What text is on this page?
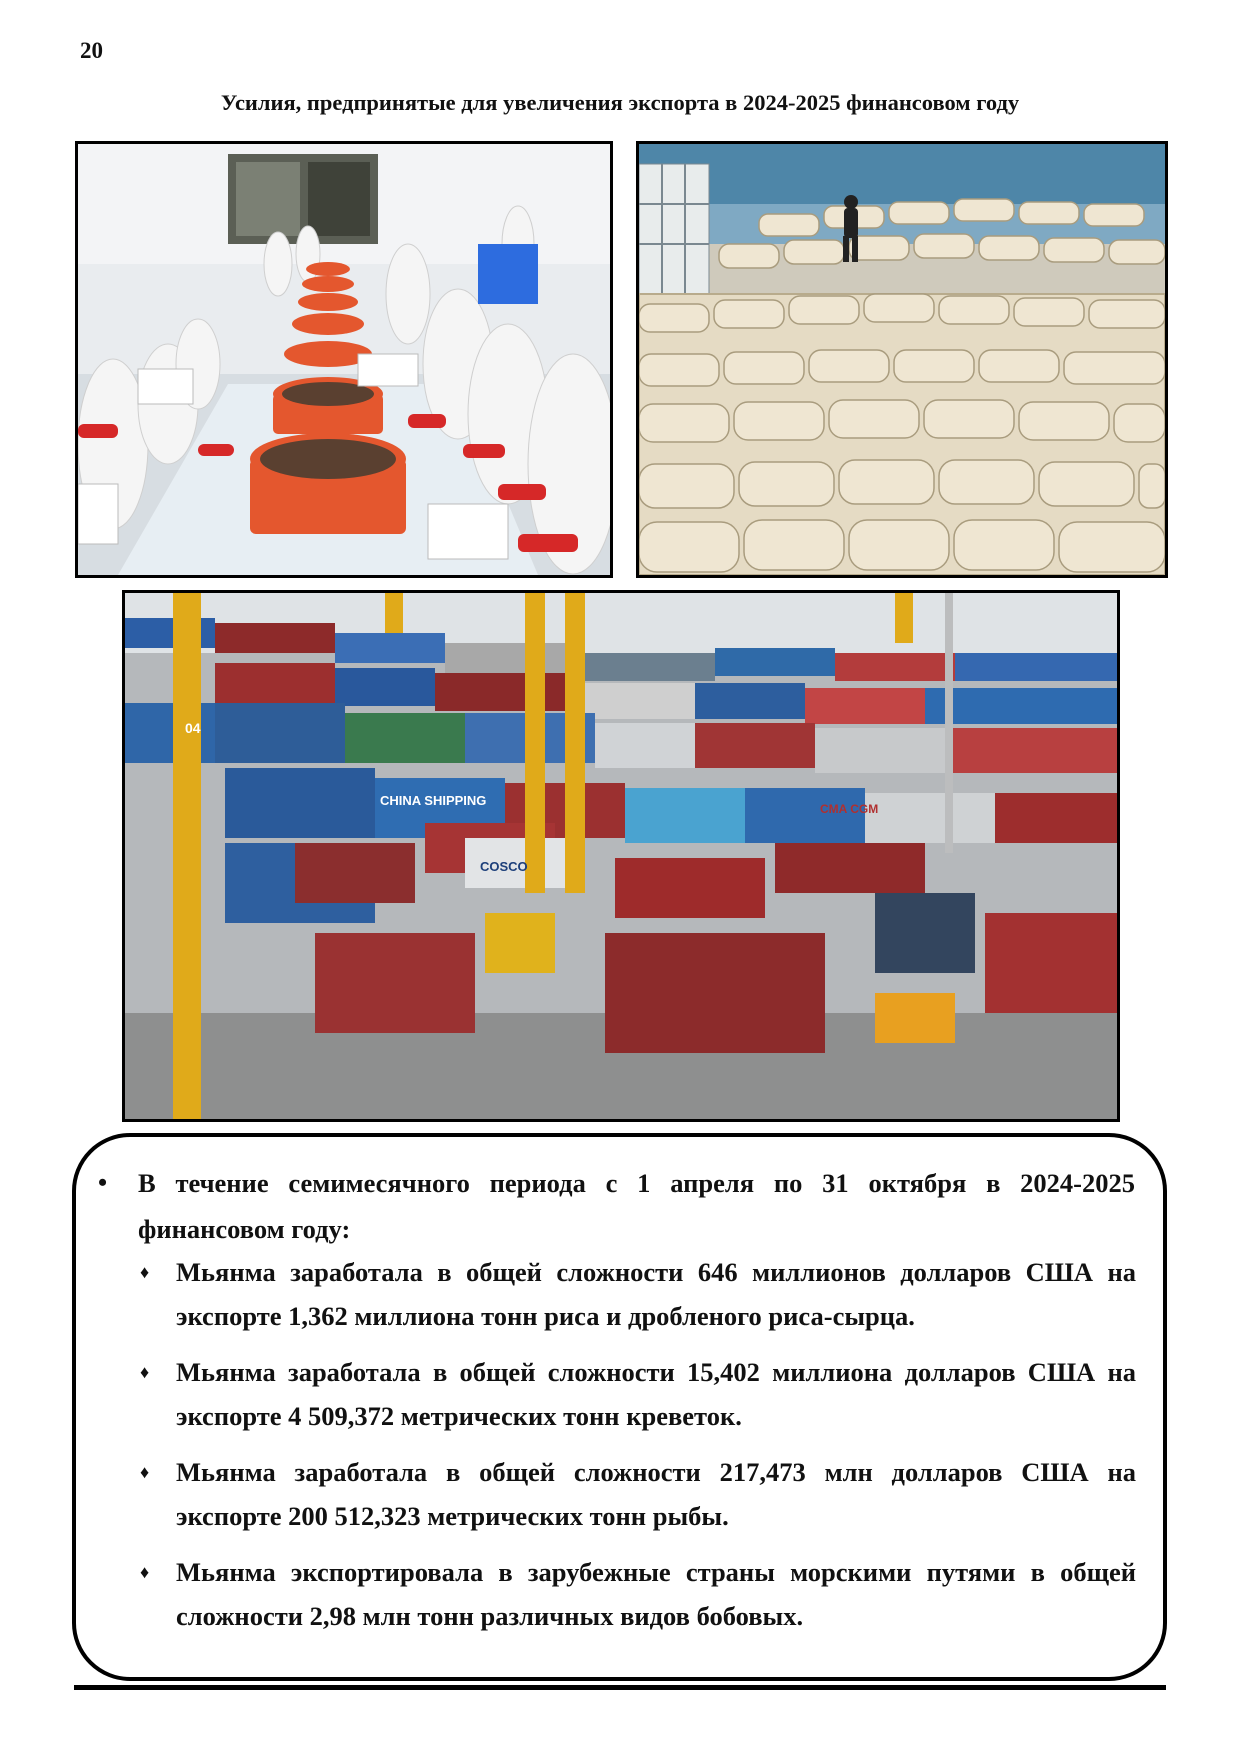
20
Усилия, предпринятые для увеличения экспорта в 2024-2025 финансовом году
04
CHINA SHIPPING
CMA CGM
COSCO
• В течение семимесячного периода с 1 апреля по 31 октября в 2024-2025 финансовом году:
♦ Мьянма заработала в общей сложности 646 миллионов долларов США на экспорте 1,362 миллиона тонн риса и дробленого риса-сырца.
♦ Мьянма заработала в общей сложности 15,402 миллиона долларов США на экспорте 4 509,372 метрических тонн креветок.
♦ Мьянма заработала в общей сложности 217,473 млн долларов США на экспорте 200 512,323 метрических тонн рыбы.
♦ Мьянма экспортировала в зарубежные страны морскими путями в общей сложности 2,98 млн тонн различных видов бобовых.
